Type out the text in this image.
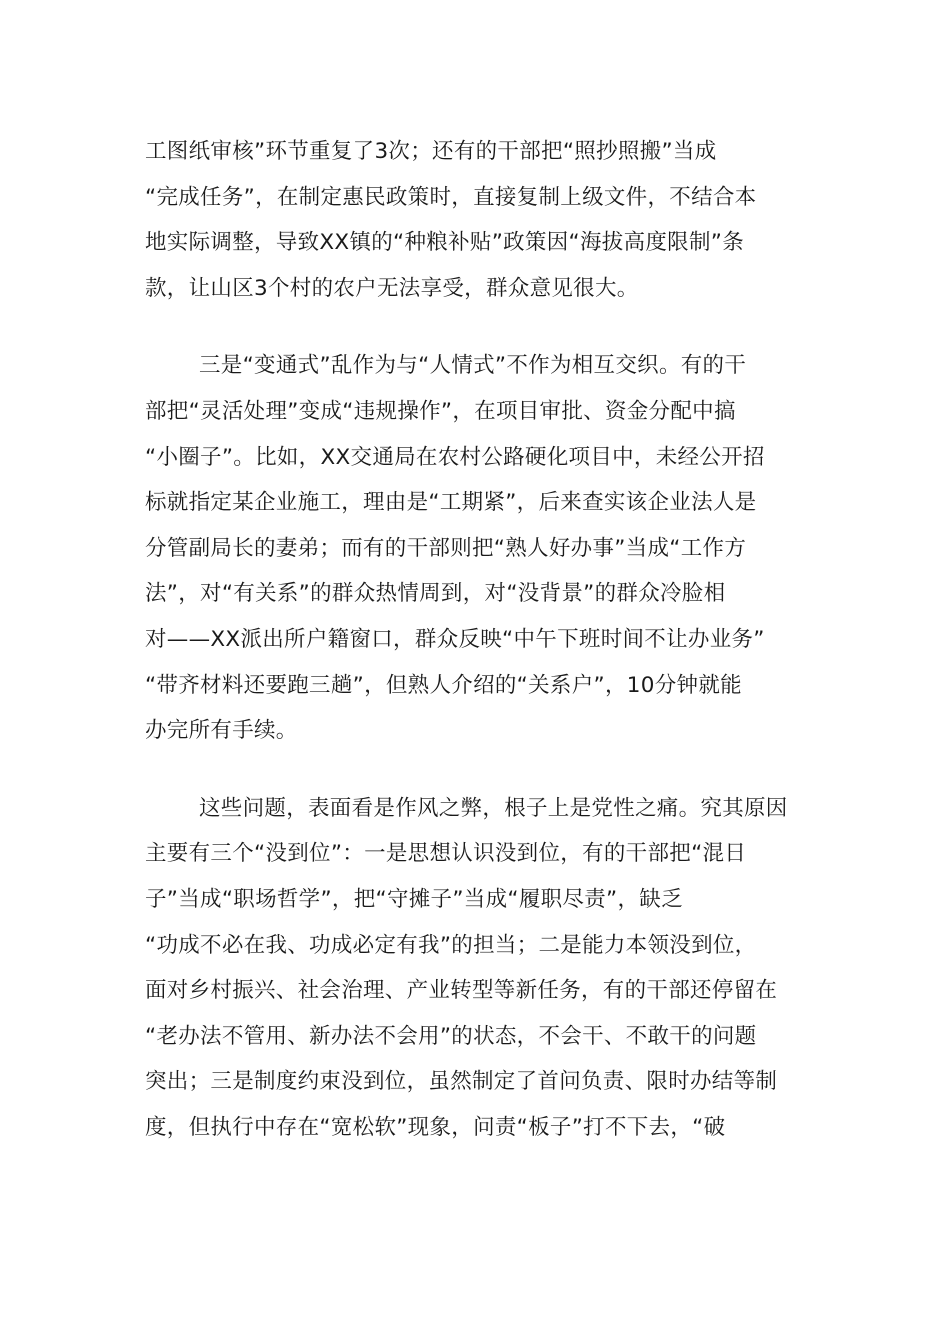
工图纸审核”环节重复了3次；还有的干部把“照抄照搬”当成
“完成任务”，在制定惠民政策时，直接复制上级文件，不结合本
地实际调整，导致XX镇的“种粮补贴”政策因“海拔高度限制”条
款，让山区3个村的农户无法享受，群众意见很大。
三是“变通式”乱作为与“人情式”不作为相互交织。有的干
部把“灵活处理”变成“违规操作”，在项目审批、资金分配中搞
“小圈子”。比如，XX交通局在农村公路硬化项目中，未经公开招
标就指定某企业施工，理由是“工期紧”，后来查实该企业法人是
分管副局长的妻弟；而有的干部则把“熟人好办事”当成“工作方
法”，对“有关系”的群众热情周到，对“没背景”的群众冷脸相
对——XX派出所户籍窗口，群众反映“中午下班时间不让办业务”
“带齐材料还要跑三趟”，但熟人介绍的“关系户”，10分钟就能
办完所有手续。
这些问题，表面看是作风之弊，根子上是党性之痛。究其原因
主要有三个“没到位”：一是思想认识没到位，有的干部把“混日
子”当成“职场哲学”，把“守摊子”当成“履职尽责”，缺乏
“功成不必在我、功成必定有我”的担当；二是能力本领没到位，
面对乡村振兴、社会治理、产业转型等新任务，有的干部还停留在
“老办法不管用、新办法不会用”的状态，不会干、不敢干的问题
突出；三是制度约束没到位，虽然制定了首问负责、限时办结等制
度，但执行中存在“宽松软”现象，问责“板子”打不下去，“破
